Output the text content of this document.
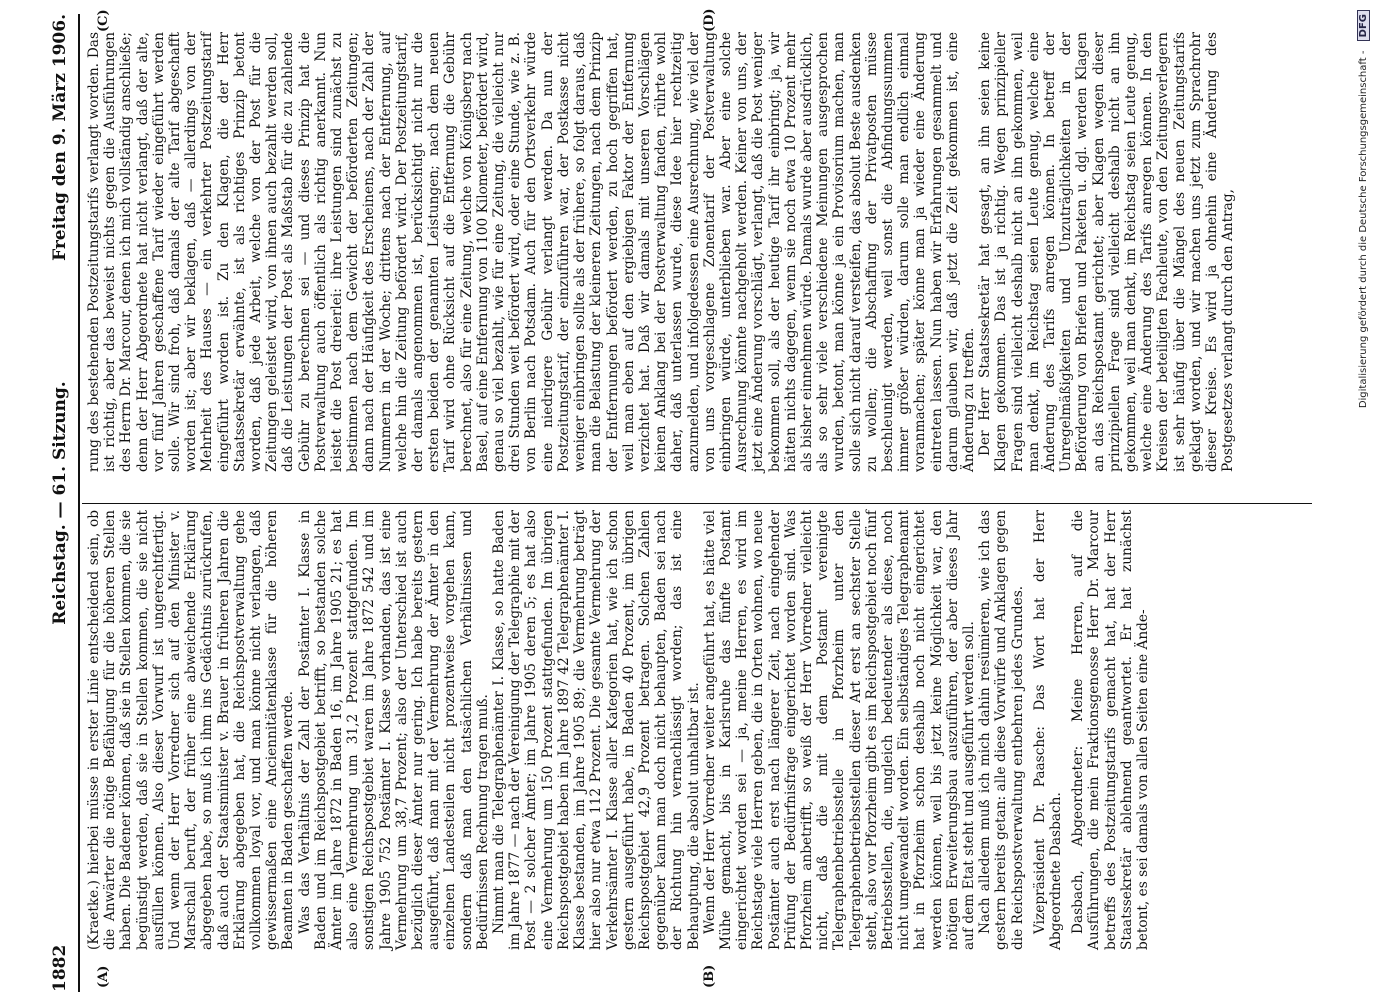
1882
Reichstag. — 61. Sitzung.
Freitag den 9. März 1906.
(A)	(B)
(C)	(D)

(Kraetke.) hierbei müsse in erster Linie entscheidend sein, ob die Anwärter die nötige Befähigung für die höheren Stellen haben. Die Badener können, daß sie in Stellen kommen, die sie begünstigt werden, daß sie in Stellen kommen, die sie nicht ausfüllen können. Also dieser Vorwurf ist ungerechtfertigt. Und wenn der Herr Vorredner sich auf den Minister v. Marschall beruft, der früher eine abweichende Erklärung abgegeben habe, so muß ich ihm ins Gedächtnis zurückrufen, daß auch der Staatsminister v. Brauer in früheren Jahren die Erklärung abgegeben hat, die Reichspostverwaltung gehe vollkommen loyal vor, und man könne nicht verlangen, daß gewissermaßen eine Anciennitätenklasse für die höheren Beamten in Baden geschaffen werde. Was das Verhältnis der Zahl der Postämter I. Klasse in Baden und im Reichspostgebiet betrifft, so bestanden solche Ämter im Jahre 1872 in Baden 16, im Jahre 1905 21; es hat also eine Vermehrung um 31,2 Prozent stattgefunden. Im sonstigen Reichspostgebiet waren im Jahre 1872 542 und im Jahre 1905 752 Postämter I. Klasse vorhanden, das ist eine Vermehrung um 38,7 Prozent; also der Unterschied ist auch bezüglich dieser Ämter nur gering. Ich habe bereits gestern ausgeführt, daß man mit der Vermehrung der Ämter in den einzelnen Landesteilen nicht prozentweise vorgehen kann, sondern daß man den tatsächlichen Verhältnissen und Bedürfnissen Rechnung tragen muß. Nimmt man die Telegraphenämter I. Klasse, so hatte Baden im Jahre 1877 — nach der Vereinigung der Telegraphie mit der Post — 2 solcher Ämter; im Jahre 1905 deren 5; es hat also eine Vermehrung um 150 Prozent stattgefunden. Im übrigen Reichspostgebiet haben im Jahre 1897 42 Telegraphenämter I. Klasse bestanden, im Jahre 1905 89; die Vermehrung beträgt hier also nur etwa 112 Prozent. Die gesamte Vermehrung der Verkehrsämter I. Klasse aller Kategorien hat, wie ich schon gestern ausgeführt habe, in Baden 40 Prozent, im übrigen Reichspostgebiet 42,9 Prozent betragen. Solchen Zahlen gegenüber kann man doch nicht behaupten, Baden sei nach der Richtung hin vernachlässigt worden; das ist eine Behauptung, die absolut unhaltbar ist. Wenn der Herr Vorredner weiter angeführt hat, es hätte viel Mühe gemacht, bis in Karlsruhe das fünfte Postamt eingerichtet worden sei — ja, meine Herren, es wird im Reichstage viele Herren geben, die in Orten wohnen, wo neue Postämter auch erst nach längerer Zeit, nach eingehender Prüfung der Bedürfnisfrage eingerichtet worden sind. Was Pforzheim anbetrifft, so weiß der Herr Vorredner vielleicht nicht, daß die mit dem Postamt vereinigte Telegraphenbetriebsstelle in Pforzheim unter den Telegraphenbetriebsstellen dieser Art erst an sechster Stelle steht, also vor Pforzheim gibt es im Reichspostgebiet noch fünf Betriebsstellen, die, ungleich bedeutender als diese, noch nicht umgewandelt worden. Ein selbständiges Telegraphenamt hat in Pforzheim schon deshalb noch nicht eingerichtet werden können, weil bis jetzt keine Möglichkeit war, den nötigen Erweiterungsbau auszuführen, der aber dieses Jahr auf dem Etat steht und ausgeführt werden soll. Nach alledem muß ich mich dahin resümieren, wie ich das gestern bereits getan: alle diese Vorwürfe und Anklagen gegen die Reichspostverwaltung entbehren jedes Grundes. Vizepräsident Dr. Paasche: Das Wort hat der Herr Abgeordnete Dasbach. Dasbach, Abgeordneter: Meine Herren, auf die Ausführungen, die mein Fraktionsgenosse Herr Dr. Marcour betreffs des Postzeitungstarifs gemacht hat, hat der Herr Staatssekretär ablehnend geantwortet. Er hat zunächst betont, es sei damals von allen Seiten eine Ände-

rung des bestehenden Postzeitungstarifs verlangt worden. Das ist richtig, aber das beweist nichts gegen die Ausführungen des Herrn Dr. Marcour, denen ich mich vollständig anschließe; denn der Herr Abgeordnete hat nicht verlangt, daß der alte, vor fünf Jahren geschaffene Tarif wieder eingeführt werden solle. Wir sind froh, daß damals der alte Tarif abgeschafft worden ist; aber wir beklagen, daß — allerdings von der Mehrheit des Hauses — ein verkehrter Postzeitungstarif eingeführt worden ist. Zu den Klagen, die der Herr Staatssekretär erwähnte, ist als richtiges Prinzip betont worden, daß jede Arbeit, welche von der Post für die Zeitungen geleistet wird, von ihnen auch bezahlt werden soll, daß die Leistungen der Post als Maßstab für die zu zahlende Gebühr zu berechnen sei — und dieses Prinzip hat die Postverwaltung auch öffentlich als richtig anerkannt. Nun leistet die Post dreierlei: ihre Leistungen sind zunächst zu bestimmen nach dem Gewicht der beförderten Zeitungen; dann nach der Häufigkeit des Erscheinens, nach der Zahl der Nummern in der Woche; drittens nach der Entfernung, auf welche hin die Zeitung befördert wird. Der Postzeitungstarif, der damals angenommen ist, berücksichtigt nicht nur die ersten beiden der genannten Leistungen; nach dem neuen Tarif wird ohne Rücksicht auf die Entfernung die Gebühr berechnet, also für eine Zeitung, welche von Königsberg nach Basel, auf eine Entfernung von 1100 Kilometer, befördert wird, genau so viel bezahlt, wie für eine Zeitung, die vielleicht nur drei Stunden weit befördert wird, oder eine Stunde, wie z. B. von Berlin nach Potsdam. Auch für den Ortsverkehr würde eine niedrigere Gebühr verlangt werden. Da nun der Postzeitungstarif, der einzuführen war, der Postkasse nicht weniger einbringen sollte als der frühere, so folgt daraus, daß man die Belastung der kleineren Zeitungen, nach dem Prinzip der Entfernungen befördert werden, zu hoch gegriffen hat, weil man eben auf den ergiebigen Faktor der Entfernung verzichtet hat. Daß wir damals mit unseren Vorschlägen keinen Anklang bei der Postverwaltung fanden, rührte wohl daher, daß unterlassen wurde, diese Idee hier rechtzeitig anzumelden, und infolgedessen eine Ausrechnung, wie viel der von uns vorgeschlagene Zonentarif der Postverwaltung einbringen würde, unterblieben war. Aber eine solche Ausrechnung könnte nachgeholt werden. Keiner von uns, der jetzt eine Änderung vorschlägt, verlangt, daß die Post weniger bekommen soll, als der heutige Tarif ihr einbringt; ja, wir hätten nichts dagegen, wenn sie noch etwa 10 Prozent mehr als bisher einnehmen würde. Damals wurde aber ausdrücklich, als so sehr viele verschiedene Meinungen ausgesprochen wurden, betont, man könne ja ein Provisorium machen, man solle sich nicht darauf versteifen, das absolut Beste ausdenken zu wollen; die Abschaffung der Privatposten müsse beschleunigt werden, weil sonst die Abfindungssummen immer größer würden, darum solle man endlich einmal voranmachen; später könne man ja wieder eine Änderung eintreten lassen. Nun haben wir Erfahrungen gesammelt und darum glauben wir, daß jetzt die Zeit gekommen ist, eine Änderung zu treffen. Der Herr Staatssekretär hat gesagt, an ihn seien keine Klagen gekommen. Das ist ja richtig. Wegen prinzipieller Fragen sind vielleicht deshalb nicht an ihn gekommen, weil man denkt, im Reichstag seien Leute genug, welche eine Änderung des Tarifs anregen können. In betreff der Unregelmäßigkeiten und Unzuträglichkeiten in der Beförderung von Briefen und Paketen u. dgl. werden Klagen an das Reichspostamt gerichtet; aber Klagen wegen dieser prinzipiellen Frage sind vielleicht deshalb nicht an ihn gekommen, weil man denkt, im Reichstag seien Leute genug, welche eine Änderung des Tarifs anregen können. In den Kreisen der beteiligten Fachleute, von den Zeitungsverlegern ist sehr häufig über die Mängel des neuen Zeitungstarifs geklagt worden, und wir machen uns jetzt zum Sprachrohr dieser Kreise. Es wird ja ohnehin eine Änderung des Postgesetzes verlangt durch den Antrag,	Digitalisierung gefördert durch die Deutsche Forschungsgemeinschaft - DFG
